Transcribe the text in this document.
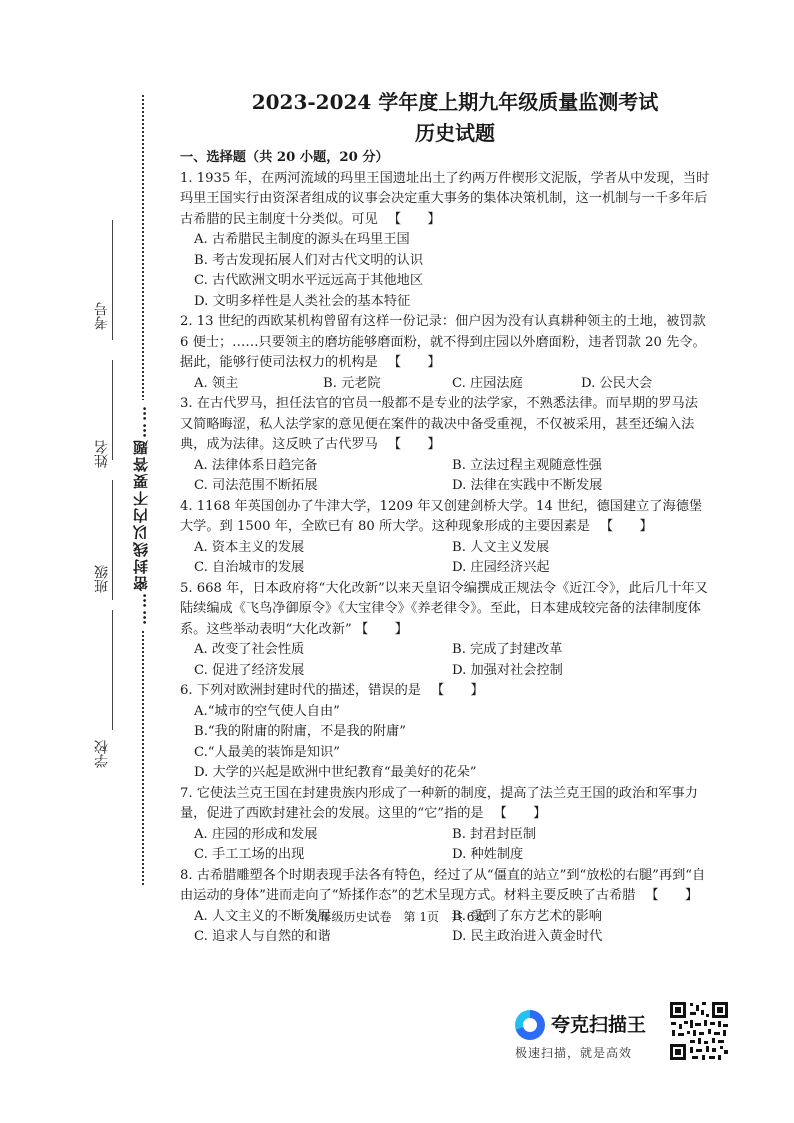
……密封线以内不要答题……
考号
姓名
班级
学校
2023-2024 学年度上期九年级质量监测考试
历史试题
一、选择题（共 20 小题，20 分）

1. 1935 年，在两河流域的玛里王国遗址出土了约两万件楔形文泥版，学者从中发现，当时玛里王国实行由资深者组成的议事会决定重大事务的集体决策机制，这一机制与一千多年后古希腊的民主制度十分类似。可见 【　　】

A. 古希腊民主制度的源头在玛里王国
B. 考古发现拓展人们对古代文明的认识
C. 古代欧洲文明水平远远高于其他地区
D. 文明多样性是人类社会的基本特征

2. 13 世纪的西欧某机构曾留有这样一份记录：佃户因为没有认真耕种领主的土地，被罚款 6 便士；……只要领主的磨坊能够磨面粉，就不得到庄园以外磨面粉，违者罚款 20 先令。据此，能够行使司法权力的机构是 【　　】

A. 领主	B. 元老院	C. 庄园法庭	D. 公民大会

3. 在古代罗马，担任法官的官员一般都不是专业的法学家，不熟悉法律。而早期的罗马法又简略晦涩，私人法学家的意见便在案件的裁决中备受重视，不仅被采用，甚至还编入法典，成为法律。这反映了古代罗马 【　　】

A. 法律体系日趋完备	B. 立法过程主观随意性强
C. 司法范围不断拓展	D. 法律在实践中不断发展

4. 1168 年英国创办了牛津大学，1209 年又创建剑桥大学。14 世纪，德国建立了海德堡大学。到 1500 年，全欧已有 80 所大学。这种现象形成的主要因素是 【　　】

A. 资本主义的发展	B. 人文主义发展
C. 自治城市的发展	D. 庄园经济兴起

5. 668 年，日本政府将“大化改新”以来天皇诏令编撰成正规法令《近江令》，此后几十年又陆续编成《飞鸟净御原令》《大宝律令》《养老律令》。至此，日本建成较完备的法律制度体系。这些举动表明“大化改新” 【　　】

A. 改变了社会性质	B. 完成了封建改革
C. 促进了经济发展	D. 加强对社会控制

6. 下列对欧洲封建时代的描述，错误的是 【　　】

A.“城市的空气使人自由”
B.“我的附庸的附庸，不是我的附庸”
C.“人最美的装饰是知识”
D. 大学的兴起是欧洲中世纪教育“最美好的花朵”

7. 它使法兰克王国在封建贵族内形成了一种新的制度，提高了法兰克王国的政治和军事力量，促进了西欧封建社会的发展。这里的“它”指的是 【　　】

A. 庄园的形成和发展	B. 封君封臣制
C. 手工工场的出现	D. 种姓制度

8. 古希腊雕塑各个时期表现手法各有特色，经过了从“僵直的站立”到“放松的右腿”再到“自由运动的身体”进而走向了“矫揉作态”的艺术呈现方式。材料主要反映了古希腊 【　　】

A. 人文主义的不断发展	B. 受到了东方艺术的影响
C. 追求人与自然的和谐	D. 民主政治进入黄金时代
九年级历史试卷　第 1页　共 6页
夸克扫描王
极速扫描，就是高效
